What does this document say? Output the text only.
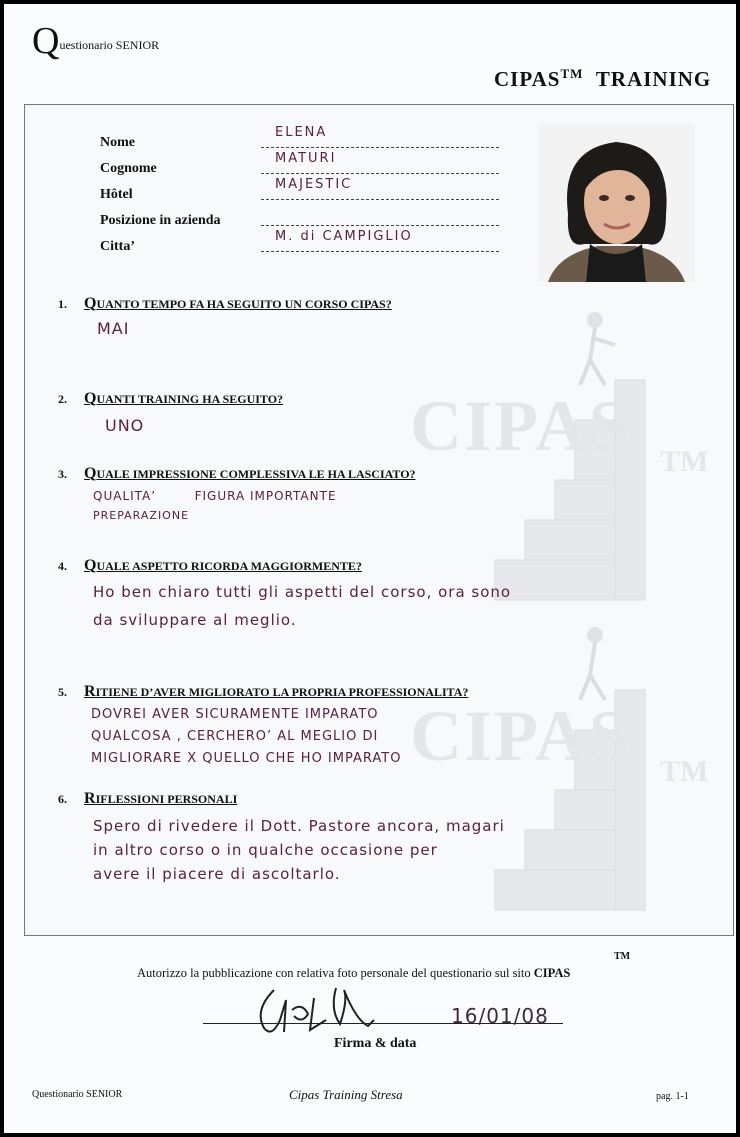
Questionario SENIOR
CIPAS™ TRAINING
CIPAS TM
CIPAS TM
Nome
ELENA
Cognome
MATURI
Hôtel
MAJESTIC
Posizione in azienda
Citta’
M. di CAMPIGLIO
1. QUANTO TEMPO FA HA SEGUITO UN CORSO CIPAS?
MAI
2. QUANTI TRAINING HA SEGUITO?
UNO
3. QUALE IMPRESSIONE COMPLESSIVA LE HA LASCIATO?
QUALITA’        FIGURA IMPORTANTE
PREPARAZIONE
4. QUALE ASPETTO RICORDA MAGGIORMENTE?
Ho ben chiaro tutti gli aspetti del corso, ora sono
da sviluppare al meglio.
5. RITIENE D’AVER MIGLIORATO LA PROPRIA PROFESSIONALITA?
DOVREI AVER SICURAMENTE IMPARATO
QUALCOSA , CERCHERO’ AL MEGLIO DI
MIGLIORARE X QUELLO CHE HO IMPARATO
6. RIFLESSIONI PERSONALI
Spero di rivedere il Dott. Pastore ancora, magari
in altro corso o in qualche occasione per
avere il piacere di ascoltarlo.
Autorizzo la pubblicazione con relativa foto personale del questionario sul sito CIPAS
TM
16/01/08
Firma & data
Questionario SENIOR	Cipas Training Stresa	pag. 1-1
